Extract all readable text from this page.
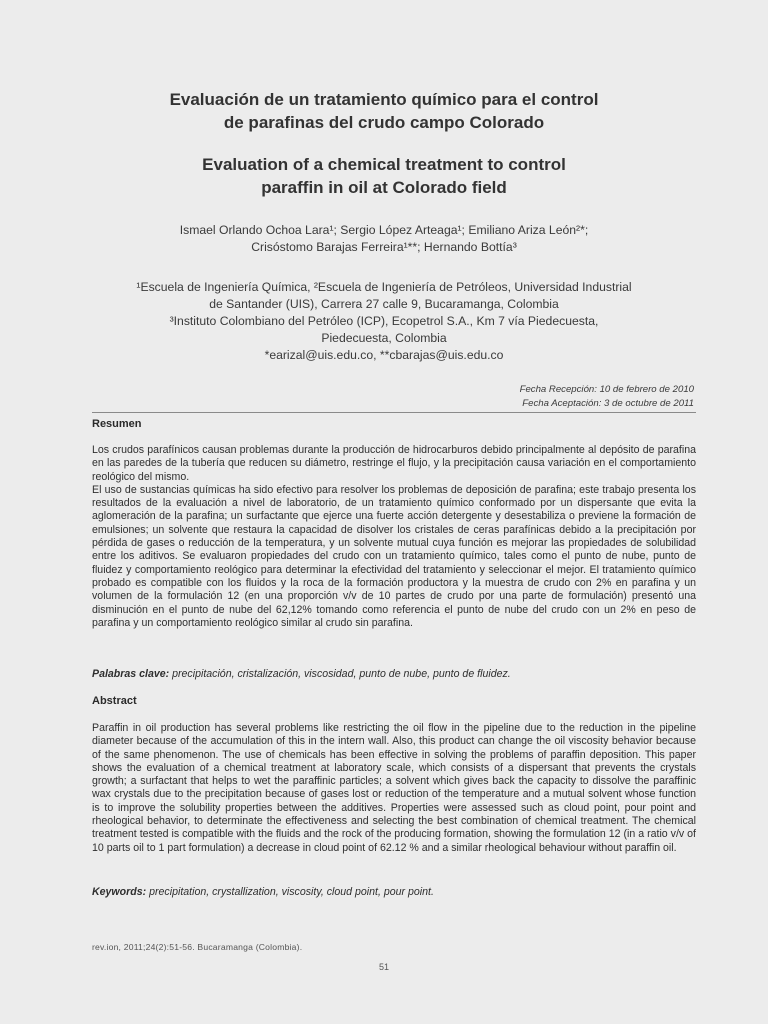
Evaluación de un tratamiento químico para el control
de parafinas del crudo campo Colorado
Evaluation of a chemical treatment to control
paraffin in oil at Colorado field
Ismael Orlando Ochoa Lara¹; Sergio López Arteaga¹; Emiliano Ariza León²*;
Crisóstomo Barajas Ferreira¹**; Hernando Bottía³
¹Escuela de Ingeniería Química, ²Escuela de Ingeniería de Petróleos, Universidad Industrial
de Santander (UIS), Carrera 27 calle 9, Bucaramanga, Colombia
³Instituto Colombiano del Petróleo (ICP), Ecopetrol S.A., Km 7 vía Piedecuesta,
Piedecuesta, Colombia
*earizal@uis.edu.co, **cbarajas@uis.edu.co
Fecha Recepción: 10 de febrero de 2010
Fecha Aceptación: 3 de octubre de 2011
Resumen

Los crudos parafínicos causan problemas durante la producción de hidrocarburos debido principalmente al depósito de parafina en las paredes de la tubería que reducen su diámetro, restringe el flujo, y la precipitación causa variación en el comportamiento reológico del mismo.

El uso de sustancias químicas ha sido efectivo para resolver los problemas de deposición de parafina; este trabajo presenta los resultados de la evaluación a nivel de laboratorio, de un tratamiento químico conformado por un dispersante que evita la aglomeración de la parafina; un surfactante que ejerce una fuerte acción detergente y desestabiliza o previene la formación de emulsiones; un solvente que restaura la capacidad de disolver los cristales de ceras parafínicas debido a la precipitación por pérdida de gases o reducción de la temperatura, y un solvente mutual cuya función es mejorar las propiedades de solubilidad entre los aditivos. Se evaluaron propiedades del crudo con un tratamiento químico, tales como el punto de nube, punto de fluidez y comportamiento reológico para determinar la efectividad del tratamiento y seleccionar el mejor. El tratamiento químico probado es compatible con los fluidos y la roca de la formación productora y la muestra de crudo con 2% en parafina y un volumen de la formulación 12 (en una proporción v/v de 10 partes de crudo por una parte de formulación) presentó una disminución en el punto de nube del 62,12% tomando como referencia el punto de nube del crudo con un 2% en peso de parafina y un comportamiento reológico similar al crudo sin parafina.

Palabras clave: precipitación, cristalización, viscosidad, punto de nube, punto de fluidez.
Abstract

Paraffin in oil production has several problems like restricting the oil flow in the pipeline due to the reduction in the pipeline diameter because of the accumulation of this in the intern wall. Also, this product can change the oil viscosity behavior because of the same phenomenon. The use of chemicals has been effective in solving the problems of paraffin deposition. This paper shows the evaluation of a chemical treatment at laboratory scale, which consists of a dispersant that prevents the crystals growth; a surfactant that helps to wet the paraffinic particles; a solvent which gives back the capacity to dissolve the paraffinic wax crystals due to the precipitation because of gases lost or reduction of the temperature and a mutual solvent whose function is to improve the solubility properties between the additives. Properties were assessed such as cloud point, pour point and rheological behavior, to determinate the effectiveness and selecting the best combination of chemical treatment. The chemical treatment tested is compatible with the fluids and the rock of the producing formation, showing the formulation 12 (in a ratio v/v of 10 parts oil to 1 part formulation) a decrease in cloud point of 62.12 % and a similar rheological behaviour without paraffin oil.

Keywords: precipitation, crystallization, viscosity, cloud point, pour point.
rev.ion, 2011;24(2):51-56. Bucaramanga (Colombia).
51
